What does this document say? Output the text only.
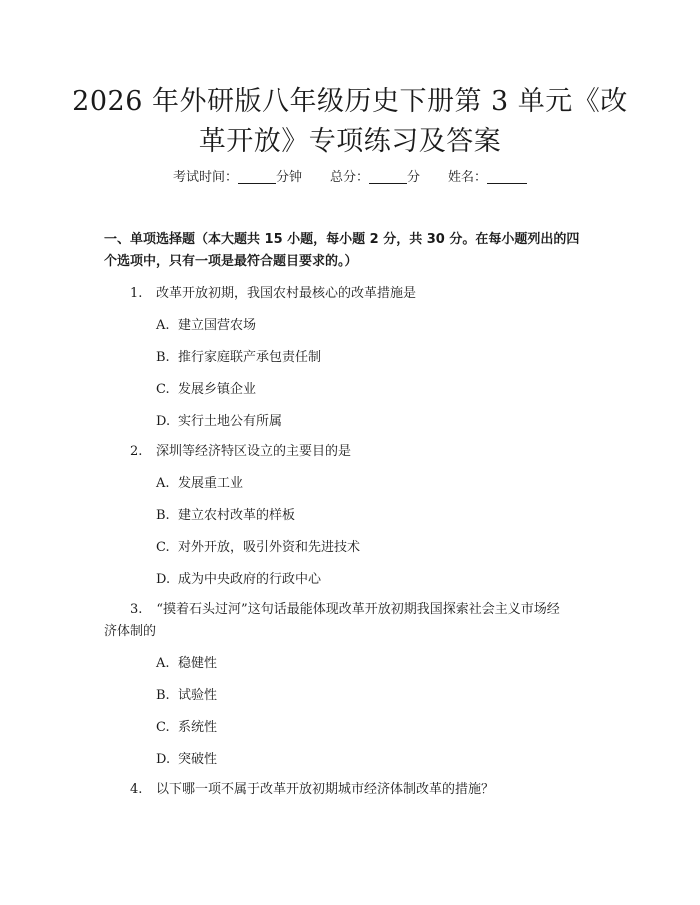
2026 年外研版八年级历史下册第 3 单元《改
革开放》专项练习及答案
考试时间：	分钟 总分：	分 姓名：
一、单项选择题（本大题共 15 小题，每小题 2 分，共 30 分。在每小题列出的四
个选项中，只有一项是最符合题目要求的。）
1. 改革开放初期，我国农村最核心的改革措施是
A. 建立国营农场
B. 推行家庭联产承包责任制
C. 发展乡镇企业
D. 实行土地公有所属
2. 深圳等经济特区设立的主要目的是
A. 发展重工业
B. 建立农村改革的样板
C. 对外开放，吸引外资和先进技术
D. 成为中央政府的行政中心
3. “摸着石头过河”这句话最能体现改革开放初期我国探索社会主义市场经
济体制的
A. 稳健性
B. 试验性
C. 系统性
D. 突破性
4. 以下哪一项不属于改革开放初期城市经济体制改革的措施？
